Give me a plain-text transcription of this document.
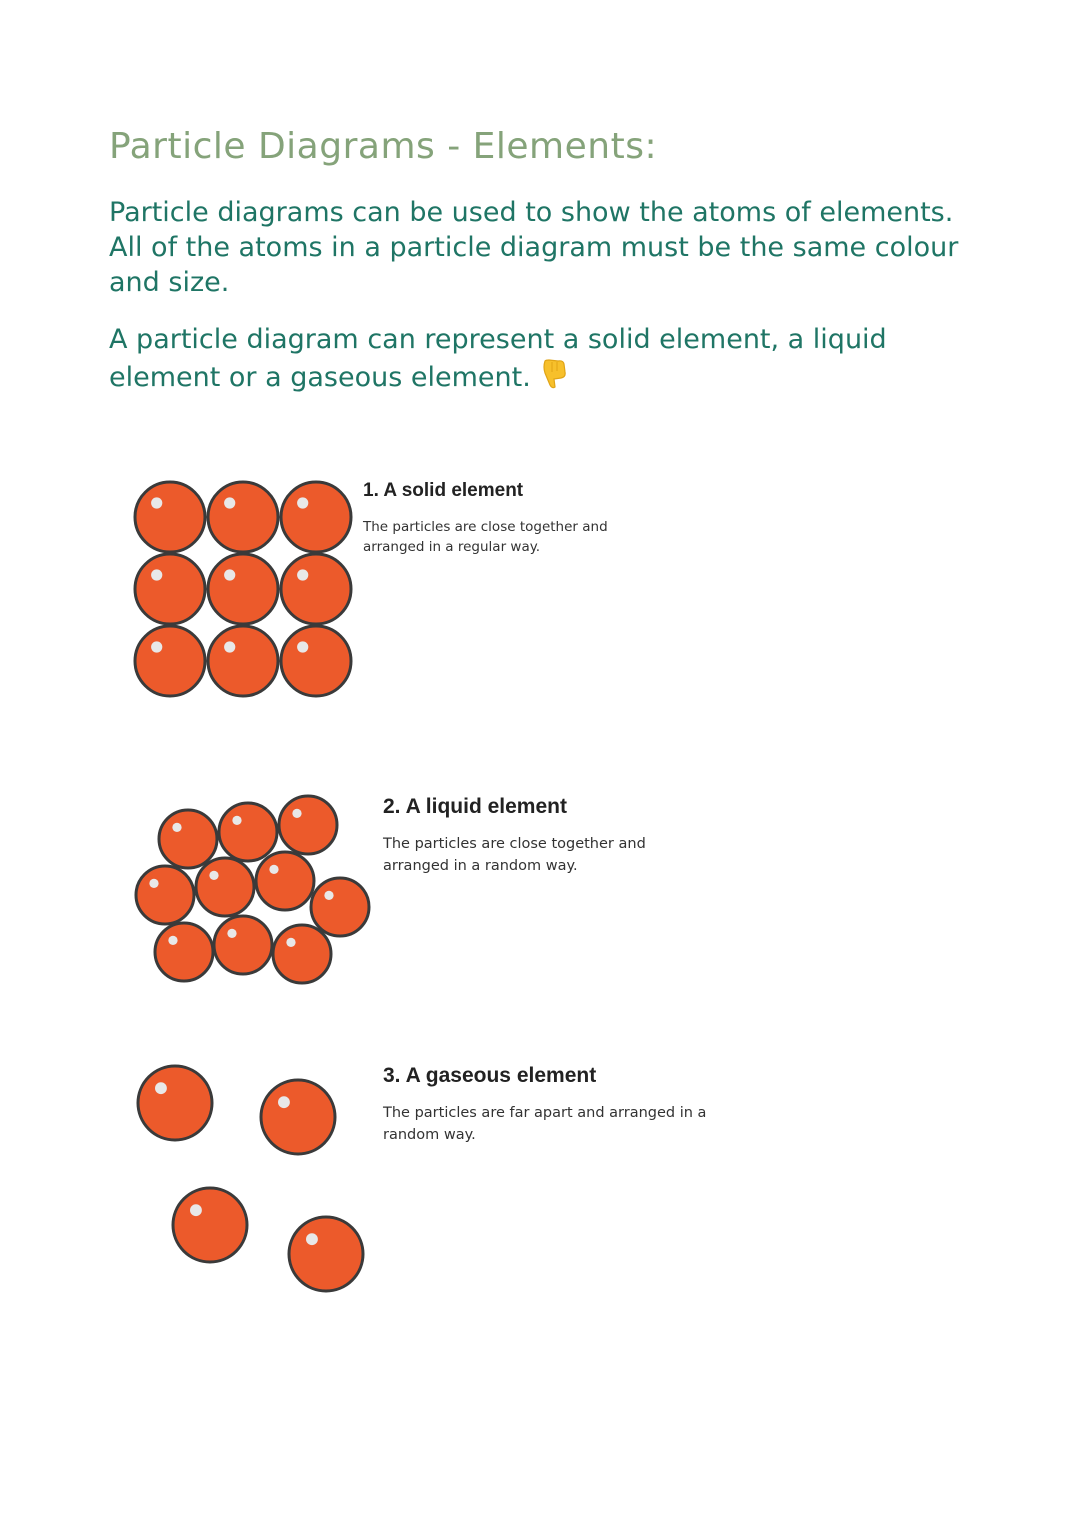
Particle Diagrams - Elements:

Particle diagrams can be used to show the atoms of elements. All of the atoms in a particle diagram must be the same colour and size.

A particle diagram can represent a solid element, a liquid element or a gaseous element.

1. A solid element

The particles are close together and arranged in a regular way.

2. A liquid element

The particles are close together and arranged in a random way.

3. A gaseous element

The particles are far apart and arranged in a random way.
